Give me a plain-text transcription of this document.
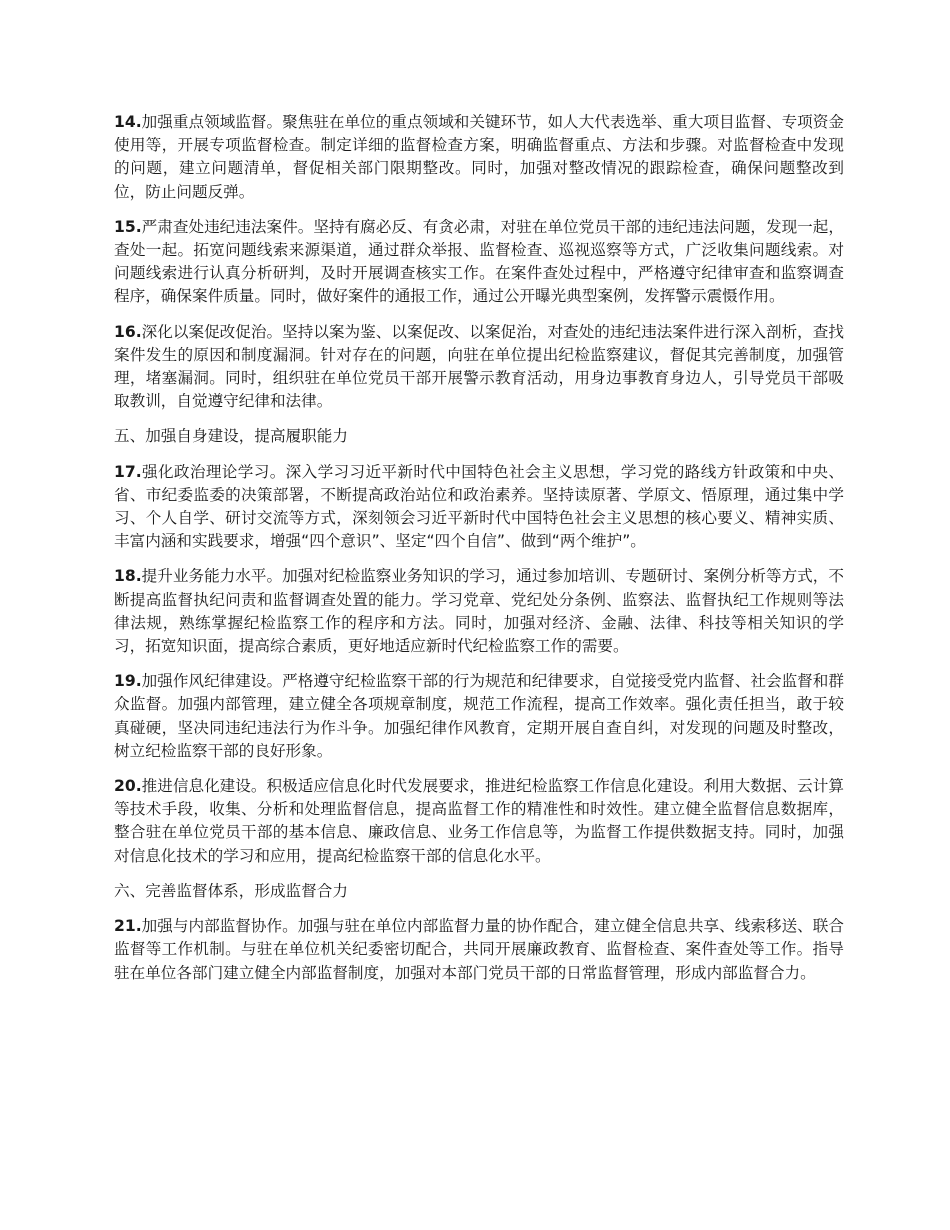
14.加强重点领域监督。聚焦驻在单位的重点领域和关键环节，如人大代表选举、重大项目监督、专项资金使用等，开展专项监督检查。制定详细的监督检查方案，明确监督重点、方法和步骤。对监督检查中发现的问题，建立问题清单，督促相关部门限期整改。同时，加强对整改情况的跟踪检查，确保问题整改到位，防止问题反弹。

15.严肃查处违纪违法案件。坚持有腐必反、有贪必肃，对驻在单位党员干部的违纪违法问题，发现一起，查处一起。拓宽问题线索来源渠道，通过群众举报、监督检查、巡视巡察等方式，广泛收集问题线索。对问题线索进行认真分析研判，及时开展调查核实工作。在案件查处过程中，严格遵守纪律审查和监察调查程序，确保案件质量。同时，做好案件的通报工作，通过公开曝光典型案例，发挥警示震慑作用。

16.深化以案促改促治。坚持以案为鉴、以案促改、以案促治，对查处的违纪违法案件进行深入剖析，查找案件发生的原因和制度漏洞。针对存在的问题，向驻在单位提出纪检监察建议，督促其完善制度，加强管理，堵塞漏洞。同时，组织驻在单位党员干部开展警示教育活动，用身边事教育身边人，引导党员干部吸取教训，自觉遵守纪律和法律。

五、加强自身建设，提高履职能力

17.强化政治理论学习。深入学习习近平新时代中国特色社会主义思想，学习党的路线方针政策和中央、省、市纪委监委的决策部署，不断提高政治站位和政治素养。坚持读原著、学原文、悟原理，通过集中学习、个人自学、研讨交流等方式，深刻领会习近平新时代中国特色社会主义思想的核心要义、精神实质、丰富内涵和实践要求，增强“四个意识”、坚定“四个自信”、做到“两个维护”。

18.提升业务能力水平。加强对纪检监察业务知识的学习，通过参加培训、专题研讨、案例分析等方式，不断提高监督执纪问责和监督调查处置的能力。学习党章、党纪处分条例、监察法、监督执纪工作规则等法律法规，熟练掌握纪检监察工作的程序和方法。同时，加强对经济、金融、法律、科技等相关知识的学习，拓宽知识面，提高综合素质，更好地适应新时代纪检监察工作的需要。

19.加强作风纪律建设。严格遵守纪检监察干部的行为规范和纪律要求，自觉接受党内监督、社会监督和群众监督。加强内部管理，建立健全各项规章制度，规范工作流程，提高工作效率。强化责任担当，敢于较真碰硬，坚决同违纪违法行为作斗争。加强纪律作风教育，定期开展自查自纠，对发现的问题及时整改，树立纪检监察干部的良好形象。

20.推进信息化建设。积极适应信息化时代发展要求，推进纪检监察工作信息化建设。利用大数据、云计算等技术手段，收集、分析和处理监督信息，提高监督工作的精准性和时效性。建立健全监督信息数据库，整合驻在单位党员干部的基本信息、廉政信息、业务工作信息等，为监督工作提供数据支持。同时，加强对信息化技术的学习和应用，提高纪检监察干部的信息化水平。

六、完善监督体系，形成监督合力

21.加强与内部监督协作。加强与驻在单位内部监督力量的协作配合，建立健全信息共享、线索移送、联合监督等工作机制。与驻在单位机关纪委密切配合，共同开展廉政教育、监督检查、案件查处等工作。指导驻在单位各部门建立健全内部监督制度，加强对本部门党员干部的日常监督管理，形成内部监督合力。
